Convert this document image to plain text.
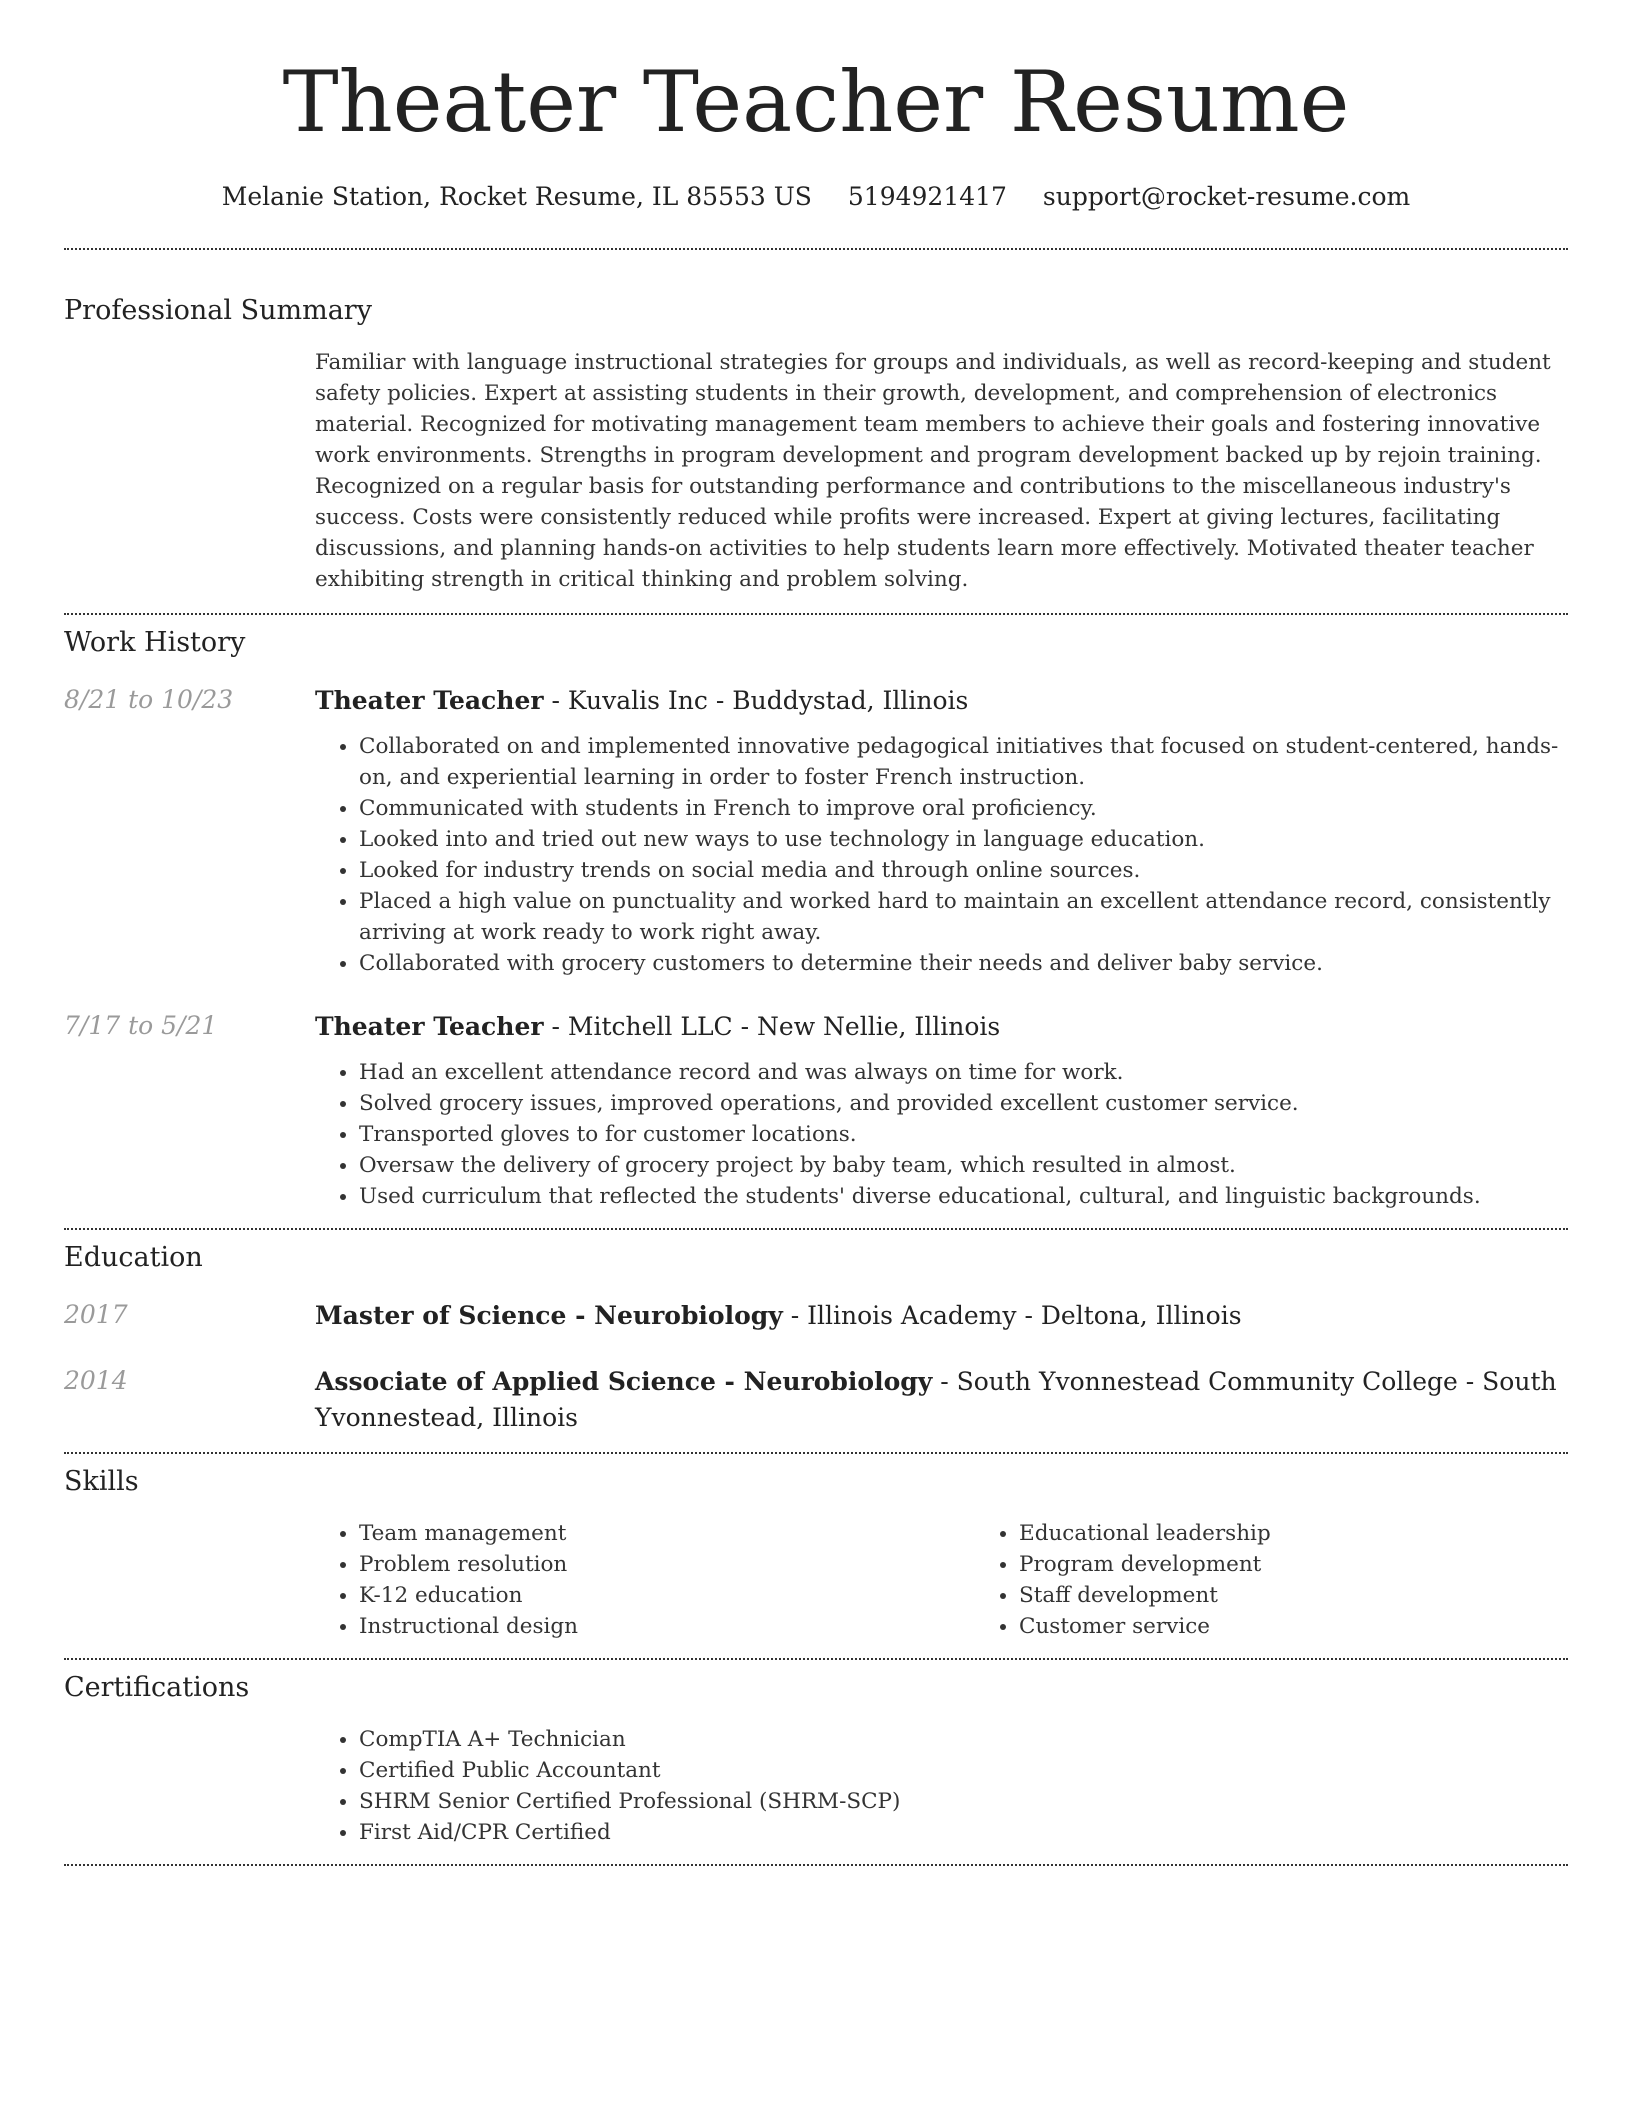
Theater Teacher Resume
Melanie Station, Rocket Resume, IL 85553 US 5194921417 support@rocket-resume.com
Professional Summary

Familiar with language instructional strategies for groups and individuals, as well as record-keeping and student safety policies. Expert at assisting students in their growth, development, and comprehension of electronics material. Recognized for motivating management team members to achieve their goals and fostering innovative work environments. Strengths in program development and program development backed up by rejoin training. Recognized on a regular basis for outstanding performance and contributions to the miscellaneous industry's success. Costs were consistently reduced while profits were increased. Expert at giving lectures, facilitating discussions, and planning hands-on activities to help students learn more effectively. Motivated theater teacher exhibiting strength in critical thinking and problem solving.

Work History
8/21 to 10/23	Theater Teacher - Kuvalis Inc - Buddystad, Illinois
• Collaborated on and implemented innovative pedagogical initiatives that focused on student-centered, hands-on, and experiential learning in order to foster French instruction.
• Communicated with students in French to improve oral proficiency.
• Looked into and tried out new ways to use technology in language education.
• Looked for industry trends on social media and through online sources.
• Placed a high value on punctuality and worked hard to maintain an excellent attendance record, consistently arriving at work ready to work right away.
• Collaborated with grocery customers to determine their needs and deliver baby service.
7/17 to 5/21	Theater Teacher - Mitchell LLC - New Nellie, Illinois
• Had an excellent attendance record and was always on time for work.
• Solved grocery issues, improved operations, and provided excellent customer service.
• Transported gloves to for customer locations.
• Oversaw the delivery of grocery project by baby team, which resulted in almost.
• Used curriculum that reflected the students' diverse educational, cultural, and linguistic backgrounds.
Education
2017	Master of Science - Neurobiology - Illinois Academy - Deltona, Illinois
2014	Associate of Applied Science - Neurobiology - South Yvonnestead Community College - South Yvonnestead, Illinois
Skills
• Team management
• Problem resolution
• K-12 education
• Instructional design
• Educational leadership
• Program development
• Staff development
• Customer service
Certifications
• CompTIA A+ Technician
• Certified Public Accountant
• SHRM Senior Certified Professional (SHRM-SCP)
• First Aid/CPR Certified
